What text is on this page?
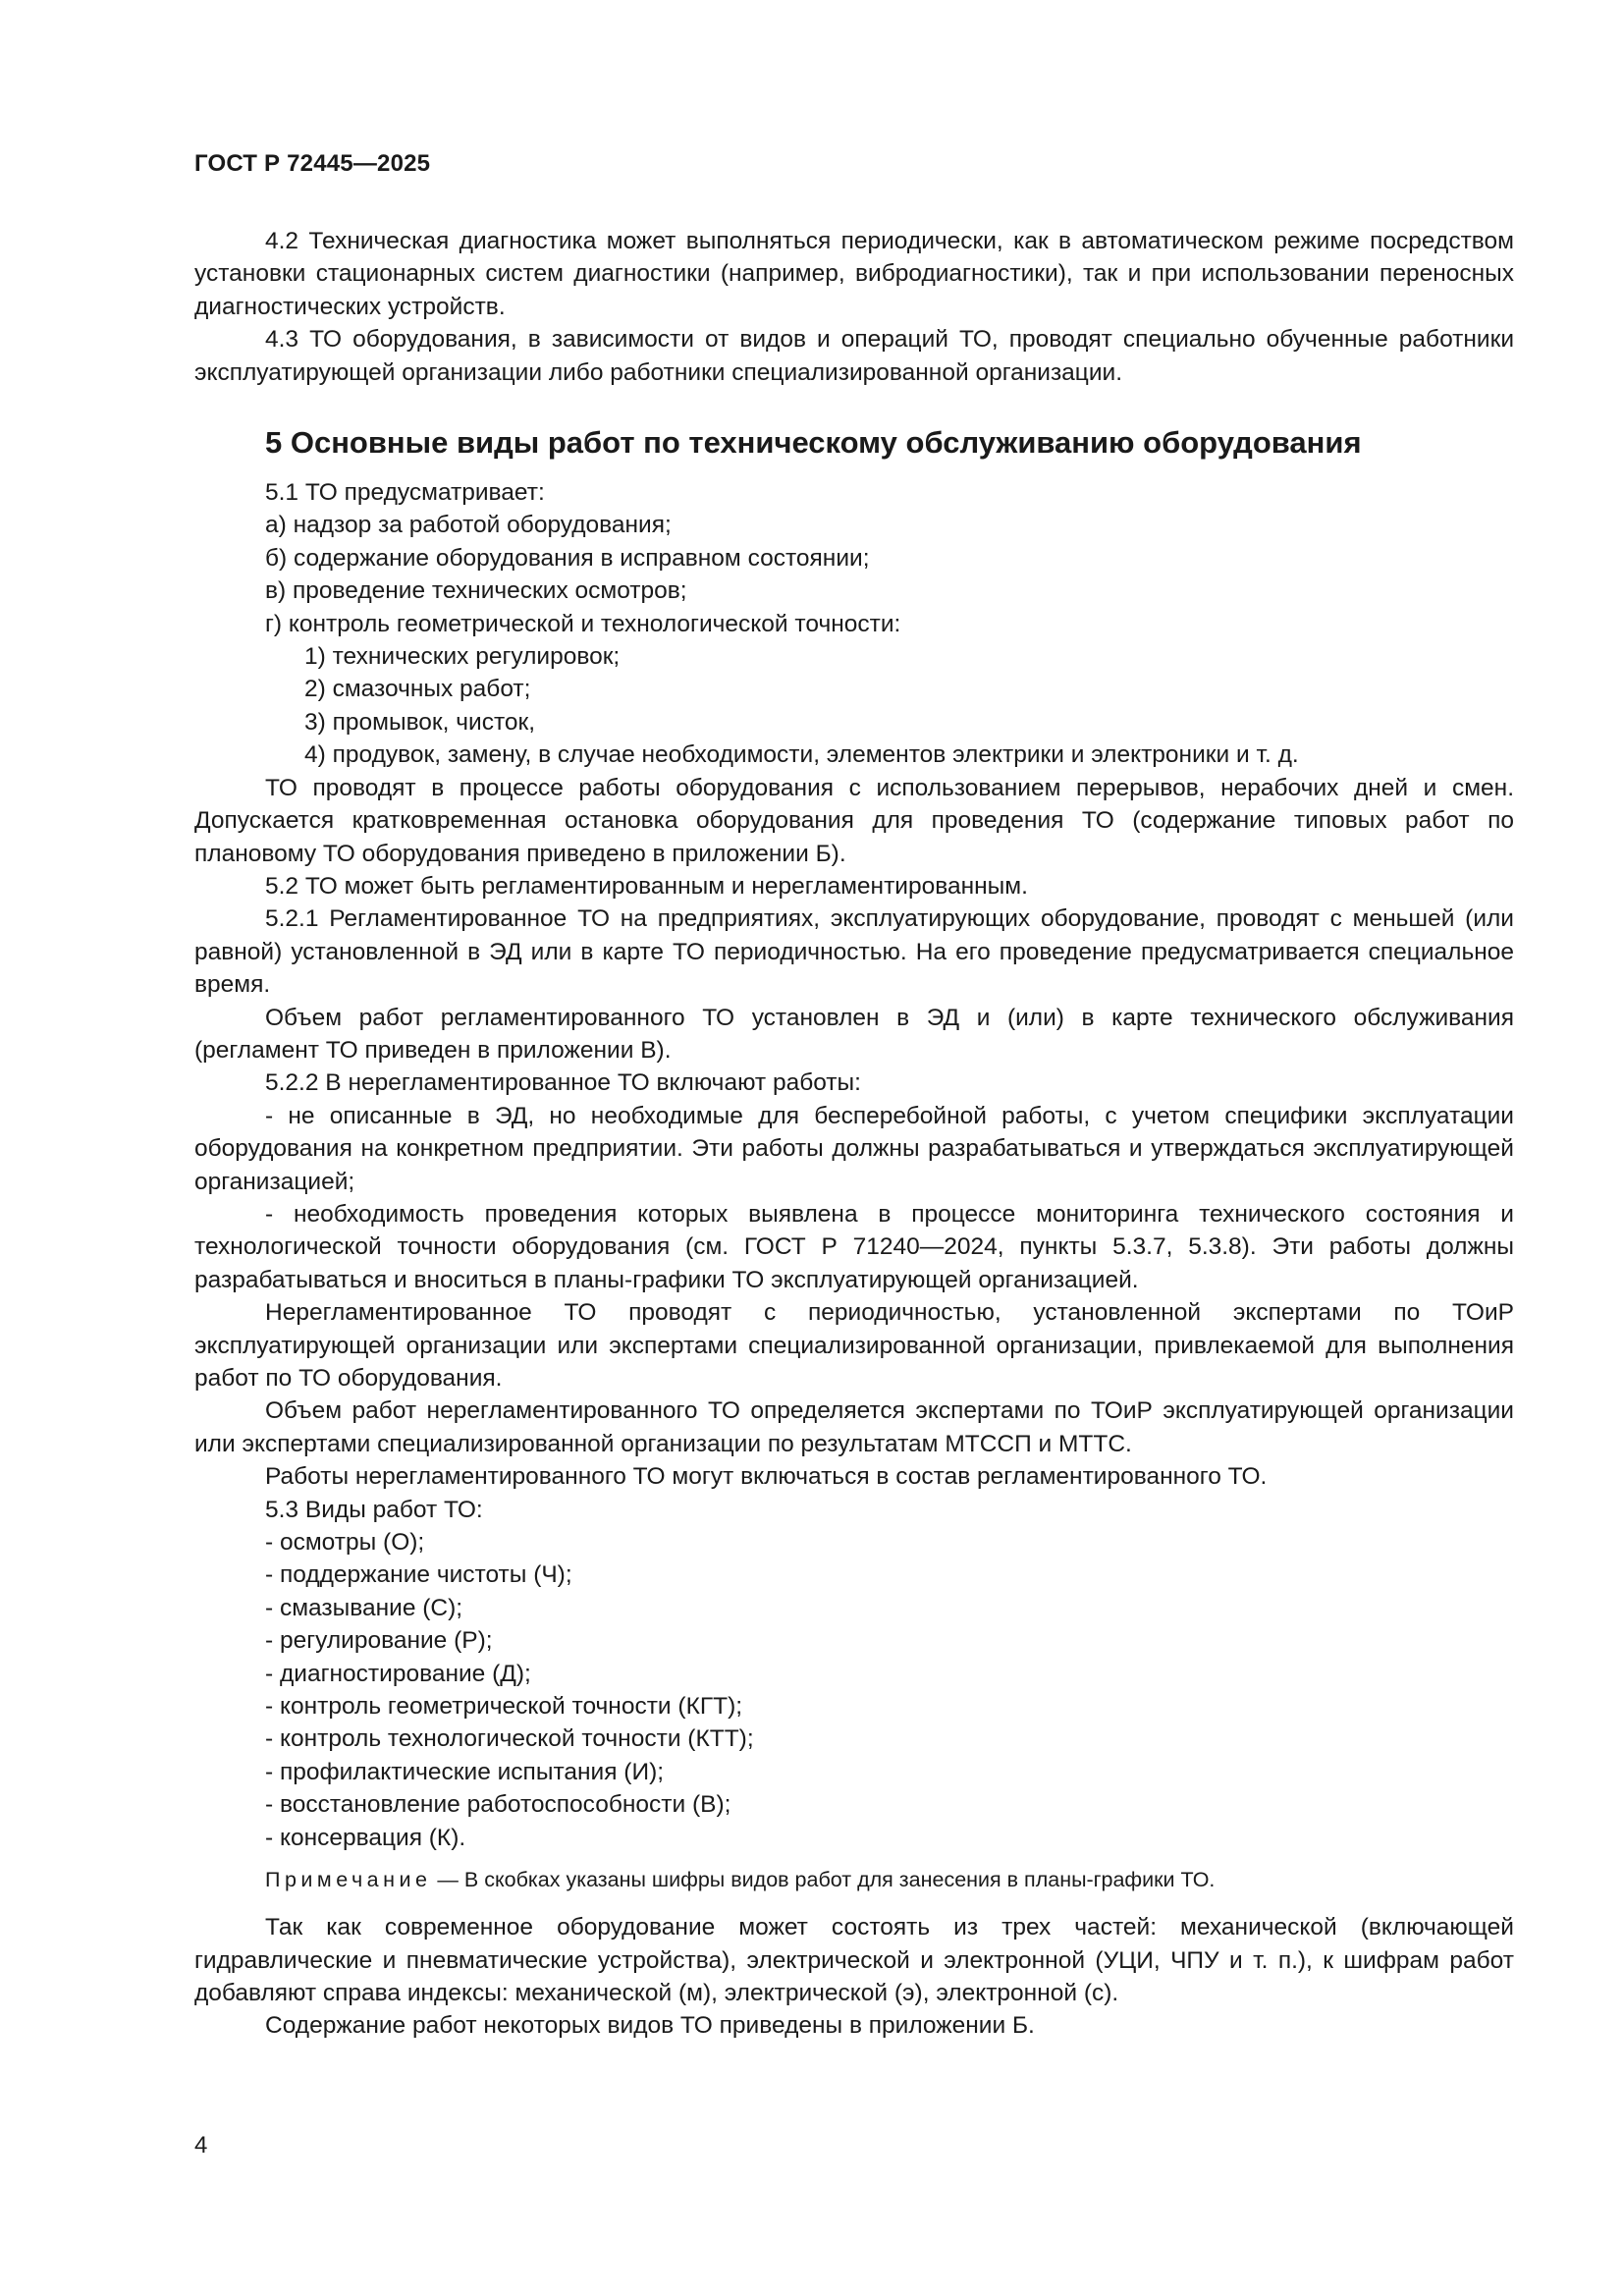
ГОСТ Р 72445—2025

4.2 Техническая диагностика может выполняться периодически, как в автоматическом режиме посредством установки стационарных систем диагностики (например, вибродиагностики), так и при использовании переносных диагностических устройств.

4.3 ТО оборудования, в зависимости от видов и операций ТО, проводят специально обученные работники эксплуатирующей организации либо работники специализированной организации.

5 Основные виды работ по техническому обслуживанию оборудования

5.1 ТО предусматривает:

а) надзор за работой оборудования;

б) содержание оборудования в исправном состоянии;

в) проведение технических осмотров;

г) контроль геометрической и технологической точности:

1) технических регулировок;

2) смазочных работ;

3) промывок, чисток,

4) продувок, замену, в случае необходимости, элементов электрики и электроники и т. д.

ТО проводят в процессе работы оборудования с использованием перерывов, нерабочих дней и смен. Допускается кратковременная остановка оборудования для проведения ТО (содержание типовых работ по плановому ТО оборудования приведено в приложении Б).

5.2 ТО может быть регламентированным и нерегламентированным.

5.2.1 Регламентированное ТО на предприятиях, эксплуатирующих оборудование, проводят с меньшей (или равной) установленной в ЭД или в карте ТО периодичностью. На его проведение предусматривается специальное время.

Объем работ регламентированного ТО установлен в ЭД и (или) в карте технического обслуживания (регламент ТО приведен в приложении В).

5.2.2 В нерегламентированное ТО включают работы:

- не описанные в ЭД, но необходимые для бесперебойной работы, с учетом специфики эксплуатации оборудования на конкретном предприятии. Эти работы должны разрабатываться и утверждаться эксплуатирующей организацией;

- необходимость проведения которых выявлена в процессе мониторинга технического состояния и технологической точности оборудования (см. ГОСТ Р 71240—2024, пункты 5.3.7, 5.3.8). Эти работы должны разрабатываться и вноситься в планы-графики ТО эксплуатирующей организацией.

Нерегламентированное ТО проводят с периодичностью, установленной экспертами по ТОиР эксплуатирующей организации или экспертами специализированной организации, привлекаемой для выполнения работ по ТО оборудования.

Объем работ нерегламентированного ТО определяется экспертами по ТОиР эксплуатирующей организации или экспертами специализированной организации по результатам МТССП и МТТС.

Работы нерегламентированного ТО могут включаться в состав регламентированного ТО.

5.3 Виды работ ТО:

- осмотры (О);

- поддержание чистоты (Ч);

- смазывание (С);

- регулирование (Р);

- диагностирование (Д);

- контроль геометрической точности (КГТ);

- контроль технологической точности (КТТ);

- профилактические испытания (И);

- восстановление работоспособности (В);

- консервация (К).

Примечание — В скобках указаны шифры видов работ для занесения в планы-графики ТО.

Так как современное оборудование может состоять из трех частей: механической (включающей гидравлические и пневматические устройства), электрической и электронной (УЦИ, ЧПУ и т. п.), к шифрам работ добавляют справа индексы: механической (м), электрической (э), электронной (с).

Содержание работ некоторых видов ТО приведены в приложении Б.

4
